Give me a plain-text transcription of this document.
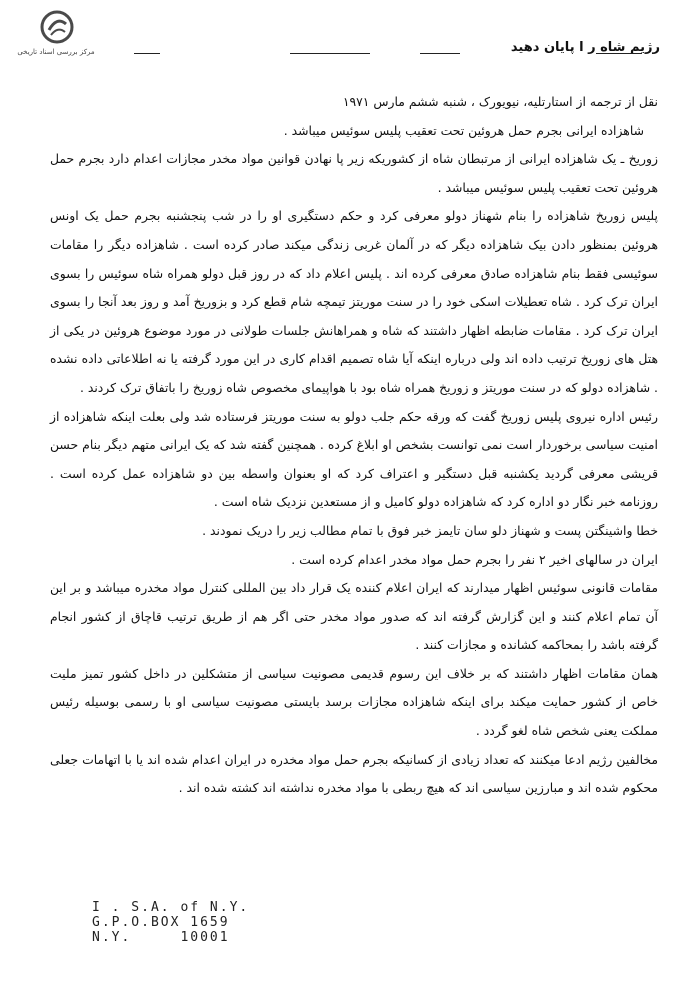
مرکز بررسی اسناد تاریخی	رژیم شاه ر ا پایان دهید

نقل از ترجمه از استارتلیه، نیویورک ، شنبه ششم مارس ۱۹۷۱

شاهزاده ایرانی بجرم حمل هروئین تحت تعقیب پلیس سوئیس میباشد .

زوریخ ـ یک شاهزاده ایرانی از مرتبطان شاه از کشوریکه زیر پا نهادن قوانین مواد مخدر مجازات اعدام دارد بجرم حمل هروئین تحت تعقیب پلیس سوئیس میباشد .

پلیس زوریخ شاهزاده را بنام شهناز دولو معرفی کرد و حکم دستگیری او را در شب پنجشنبه بجرم حمل یک اونس هروئین بمنظور دادن بیک شاهزاده دیگر که در آلمان غربی زندگی میکند صادر کرده است . شاهزاده دیگر را مقامات سوئیسی فقط بنام شاهزاده صادق معرفی کرده اند . پلیس اعلام داد که در روز قبل دولو همراه شاه سوئیس را بسوی ایران ترک کرد . شاه تعطیلات اسکی خود را در سنت موریتز تیمچه شام قطع کرد و بزوریخ آمد و روز بعد آنجا را بسوی ایران ترک کرد . مقامات ضابطه اظهار داشتند که شاه و همراهانش جلسات طولانی در مورد موضوع هروئین در یکی از هتل های زوریخ ترتیب داده اند ولی درباره اینکه آیا شاه تصمیم اقدام کاری در این مورد گرفته یا نه اطلاعاتی داده نشده . شاهزاده دولو که در سنت موریتز و زوریخ همراه شاه بود با هواپیمای مخصوص شاه زوریخ را باتفاق ترک کردند .

رئیس اداره نیروی پلیس زوریخ گفت که ورقه حکم جلب دولو به سنت موریتز فرستاده شد ولی بعلت اینکه شاهزاده از امنیت سیاسی برخوردار است نمی توانست بشخص او ابلاغ کرده . همچنین گفته شد که یک ایرانی متهم دیگر بنام حسن قریشی معرفی گردید یکشنبه قبل دستگیر و اعتراف کرد که او بعنوان واسطه بین دو شاهزاده عمل کرده است . روزنامه خبر نگار دو اداره کرد که شاهزاده دولو کامیل و از مستعدین نزدیک شاه است .

خطا واشینگتن پست و شهناز دلو سان تایمز خبر فوق با تمام مطالب زیر را دریک نمودند .

ایران در سالهای اخیر ۲ نفر را بجرم حمل مواد مخدر اعدام کرده است .

مقامات قانونی سوئیس اظهار میدارند که ایران اعلام کننده یک قرار داد بین المللی کنترل مواد مخدره میباشد و بر این آن تمام اعلام کنند و این گزارش گرفته اند که صدور مواد مخدر حتی اگر هم از طریق ترتیب قاچاق از کشور انجام گرفته باشد را بمحاکمه کشانده و مجازات کنند .

همان مقامات اظهار داشتند که بر خلاف این رسوم قدیمی مصونیت سیاسی از متشکلین در داخل کشور تمیز ملیت خاص از کشور حمایت میکند برای اینکه شاهزاده مجازات برسد بایستی مصونیت سیاسی او با رسمی بوسیله رئیس مملکت یعنی شخص شاه لغو گردد .

مخالفین رژیم ادعا میکنند که تعداد زیادی از کسانیکه بجرم حمل مواد مخدره در ایران اعدام شده اند یا با اتهامات جعلی محکوم شده اند و مبارزین سیاسی اند که هیچ ربطی با مواد مخدره نداشته اند کشته شده اند .

I . S.A. of N.Y.
G.P.O.BOX 1659
N.Y.     10001
